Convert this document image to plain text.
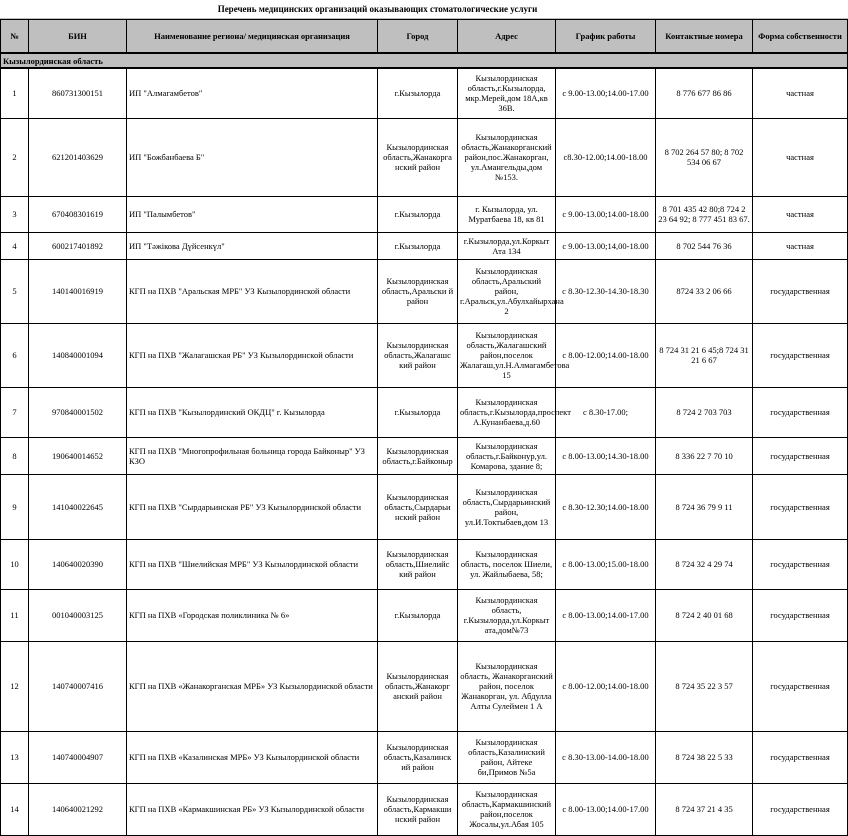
Перечень медицинских организаций оказывающих стоматологические услуги
№	БИН	Наименование региона/ медицинская организация	Город	Адрес	График работы	Контактные номера	Форма собственности
Кызылординская область							
1	860731300151	ИП "Алмагамбетов"	г.Кызылорда	Кызылординская область,г.Кызылорда, мкр.Мерей,дом 18А,кв 36В.	с 9.00-13.00;14.00-17.00	8 776 677 86 86	частная
2	621201403629	ИП "Божбанбаева Б"	Кызылординская область,Жанакоргa нский район	Кызылординская область,Жанакорганский район,пос.Жанакорган, ул.Амангельды,дом №153.	с8.30-12.00;14.00-18.00	8 702 264 57 80; 8 702 534 06 67	частная
3	670408301619	ИП "Палымбетов"	г.Кызылорда	г. Кызылорда, ул. Муратбаева 18, кв 81	с 9.00-13.00;14.00-18.00	8 701 435 42 80;8 724 2 23 64 92; 8 777 451 83 67.	частная
4	600217401892	ИП "Тәжікова Дүйсенкүл"	г.Кызылорда	г.Кызылорда,ул.Коркыт Ата 134	с 9.00-13.00;14,00-18.00	8 702 544 76 36	частная
5	140140016919	КГП на ПХВ "Аральская МРБ" УЗ Кызылординской области	Кызылординская область,Аральски й район	Кызылординская область,Аральский район, г.Аральск,ул.Абулхайырхана 2	с 8.30-12.30-14.30-18.30	8724 33 2 06 66	государственная
6	140840001094	КГП на ПХВ "Жалагашская РБ" УЗ Кызылординской области	Кызылординская область,Жалагашс кий район	Кызылординская область,Жалагашский район,поселок Жалагаш,ул.Н.Алмагамбетова 15	с 8.00-12.00;14.00-18.00	8 724 31 21 6 45;8 724 31 21 6 67	государственная
7	970840001502	КГП на ПХВ "Кызылординский ОКДЦ" г. Кызылорда	г.Кызылорда	Кызылординская область,г.Кызылорда,проспект А.Кунанбаева,д.60	с 8.30-17.00;	8 724 2 703 703	государственная
8	190640014652	КГП на ПХВ "Многопрофильная больница города Байконыр" УЗ КЗО	Кызылординская область,г.Байконыр	Кызылординская область,г.Байконур,ул. Комарова, здание 8;	с 8.00-13.00;14.30-18.00	8 336 22 7 70 10	государственная
9	141040022645	КГП на ПХВ "Сырдарьинская РБ" УЗ Кызылординской области	Кызылординская область,Сырдарьи нский район	Кызылординская область,Сырдарьинский район, ул.И.Токтыбаев,дом 13	с 8.30-12.30;14.00-18.00	8 724 36 79 9 11	государственная
10	140640020390	КГП на ПХВ "Шиелийская МРБ" УЗ Кызылординской области	Кызылординская область,Шиелийс кий район	Кызылординская область, поселок Шиели, ул. Жайлыбаева, 58;	с 8.00-13.00;15.00-18.00	8 724 32 4 29 74	государственная
11	001040003125	КГП на ПХВ «Городская поликлиника № 6»	г.Кызылорда	Кызылординская область, г.Кызылорда,ул.Коркыт ата,дом№73	с 8.00-13.00;14.00-17.00	8 724 2 40 01 68	государственная
12	140740007416	КГП на ПХВ «Жанакорганская МРБ» УЗ Кызылординской области	Кызылординская область,Жанакорг анский район	Кызылординская область, Жанакорганский район, поселок Жанакорган, ул. Абдулла Алты Сулеймен 1 А	с 8.00-12.00;14.00-18.00	8 724 35 22 3 57	государственная
13	140740004907	КГП на ПХВ «Казалинская МРБ» УЗ Кызылординской области	Кызылординская область,Казалинск ий район	Кызылординская область,Казалинский район, Айтеке би,Примов №5а	с 8.30-13.00-14.00-18.00	8 724 38 22 5 33	государственная
14	140640021292	КГП на ПХВ «Кармакшинская РБ» УЗ Кызылординской области	Кызылординская область,Кармакши нский район	Кызылординская область,Кармакшинский район,поселок Жосалы,ул.Абая 105	с 8.00-13.00;14.00-17.00	8 724 37 21 4 35	государственная
